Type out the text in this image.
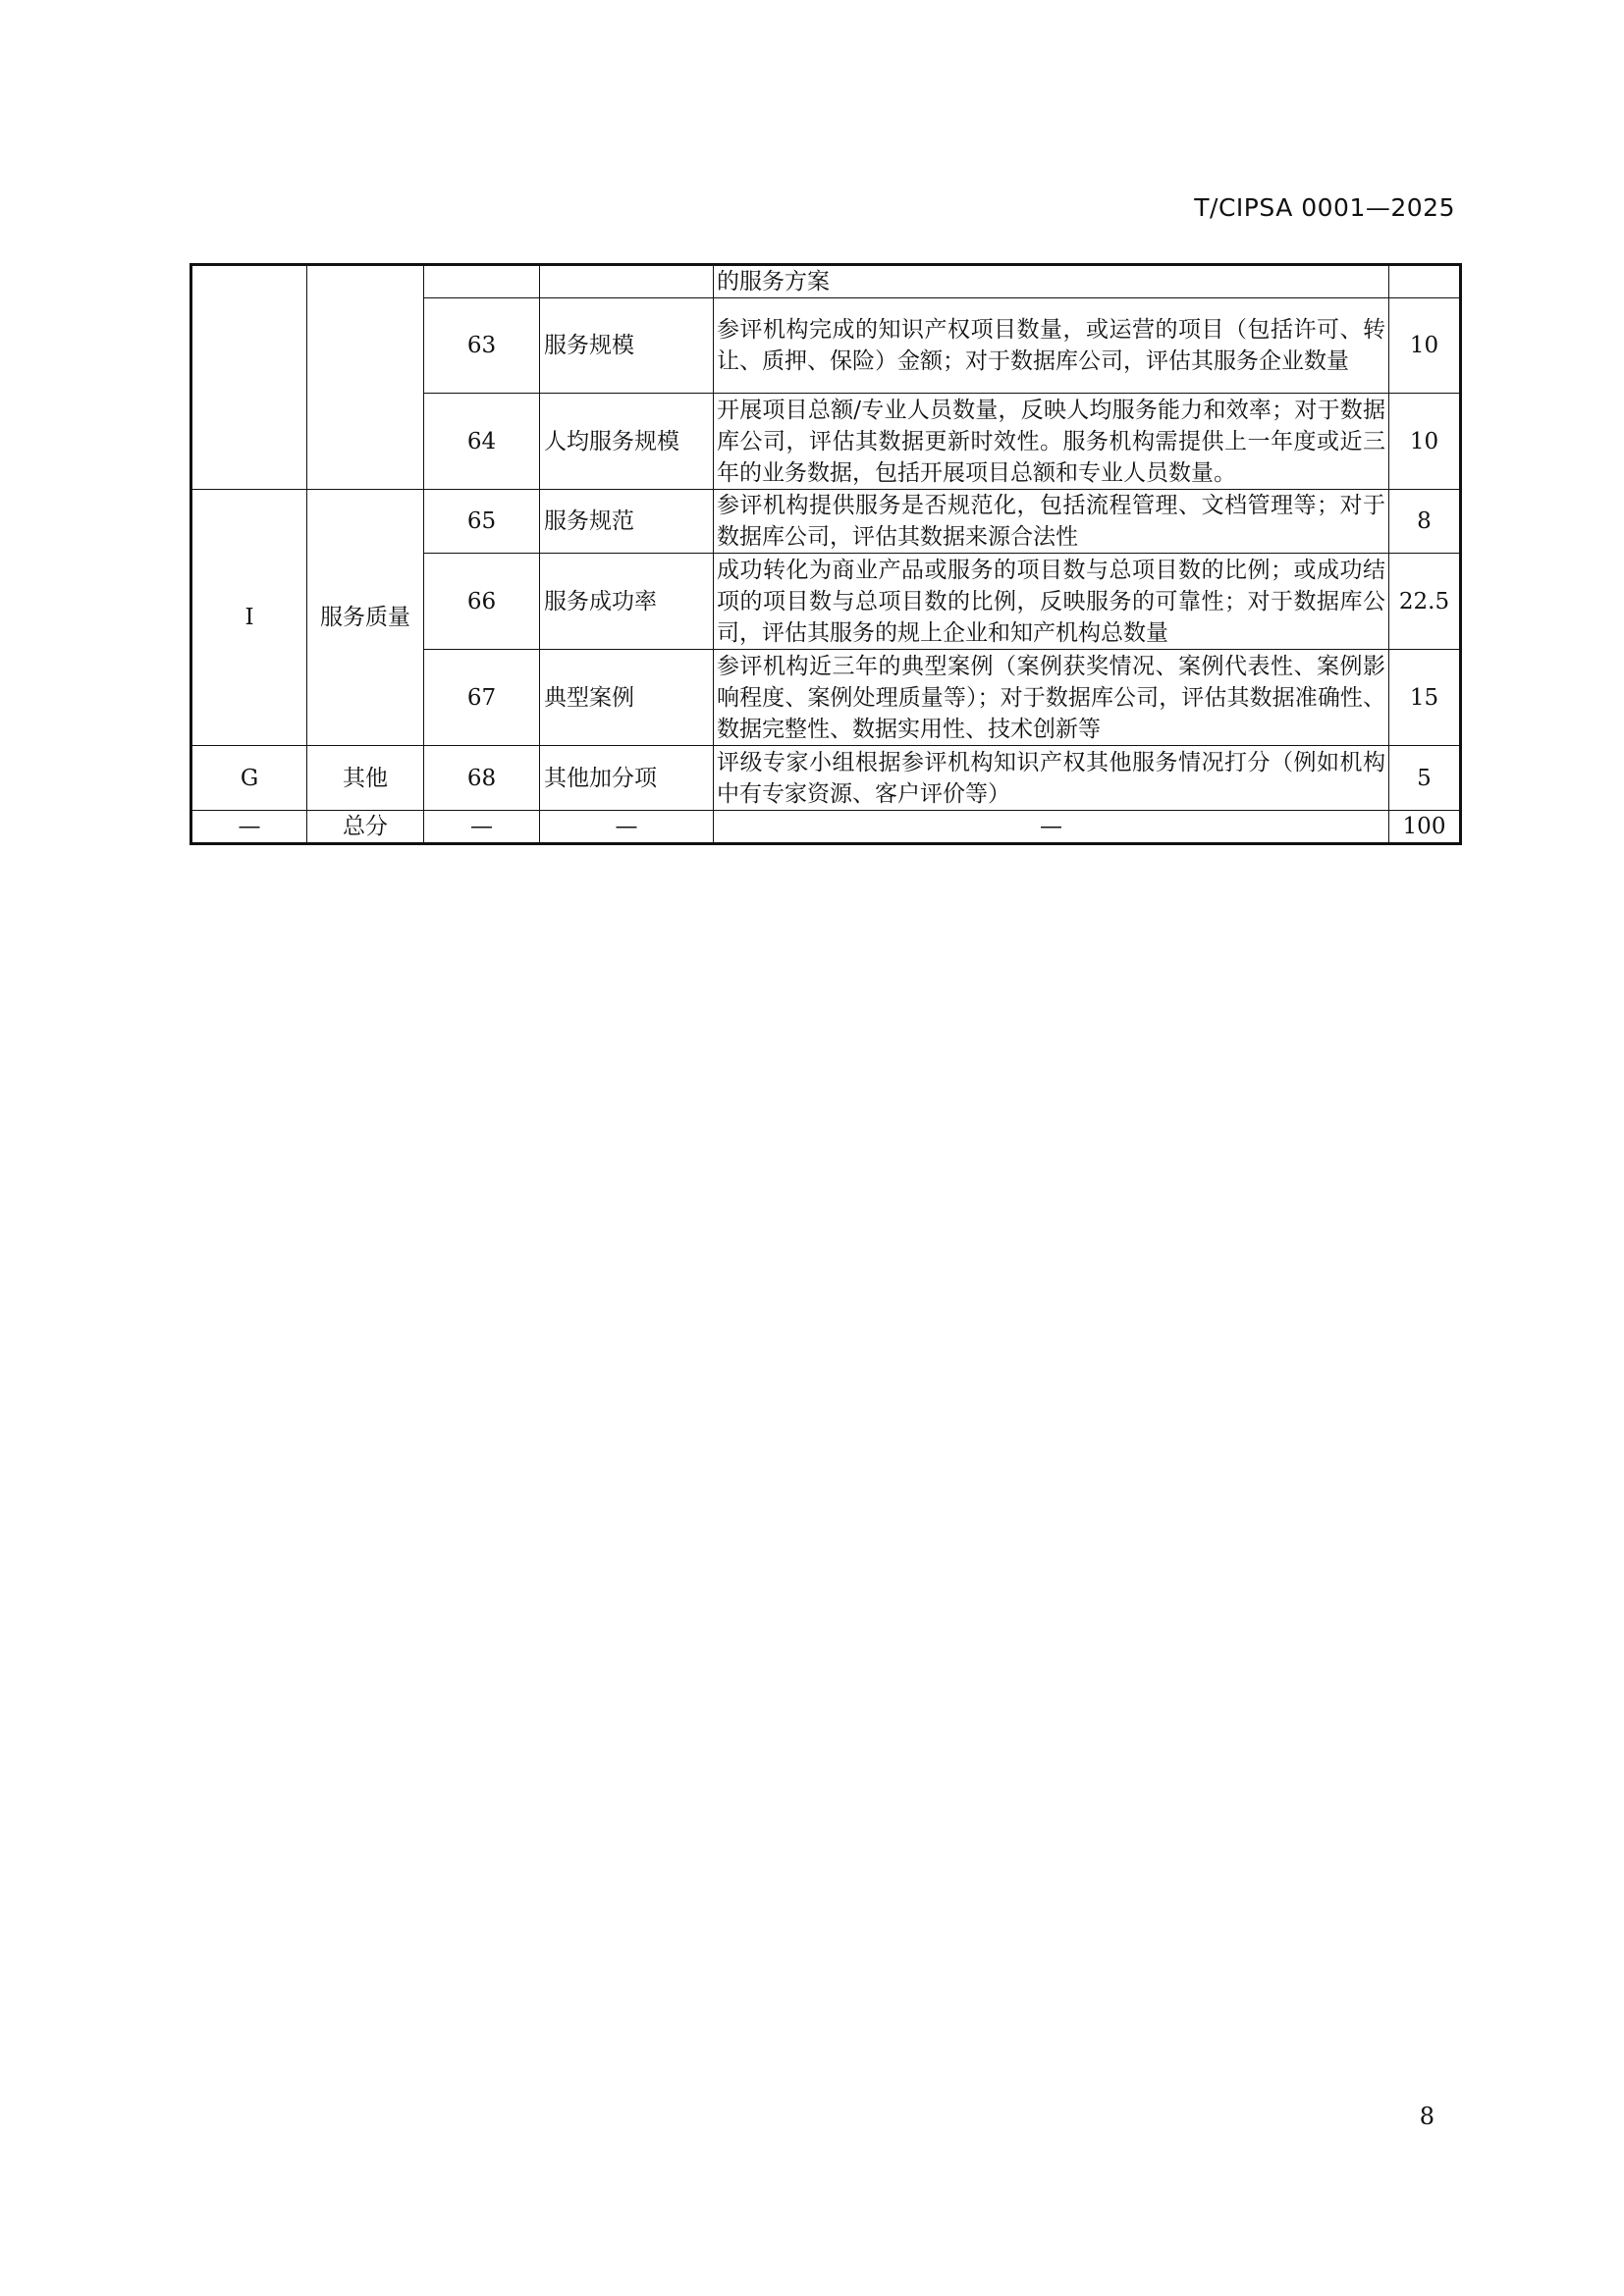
T/CIPSA 0001—2025
				的服务方案	
		63	服务规模	参评机构完成的知识产权项目数量，或运营的项目（包括许可、转让、质押、保险）金额；对于数据库公司，评估其服务企业数量	10
		64	人均服务规模	开展项目总额/专业人员数量，反映人均服务能力和效率；对于数据库公司，评估其数据更新时效性。服务机构需提供上一年度或近三年的业务数据，包括开展项目总额和专业人员数量。	10
I	服务质量	65	服务规范	参评机构提供服务是否规范化，包括流程管理、文档管理等；对于数据库公司，评估其数据来源合法性	8
		66	服务成功率	成功转化为商业产品或服务的项目数与总项目数的比例；或成功结项的项目数与总项目数的比例，反映服务的可靠性；对于数据库公司，评估其服务的规上企业和知产机构总数量	22.5
		67	典型案例	参评机构近三年的典型案例（案例获奖情况、案例代表性、案例影响程度、案例处理质量等）；对于数据库公司，评估其数据准确性、数据完整性、数据实用性、技术创新等	15
G	其他	68	其他加分项	评级专家小组根据参评机构知识产权其他服务情况打分（例如机构中有专家资源、客户评价等）	5
—	总分	—	—	—	100
8
